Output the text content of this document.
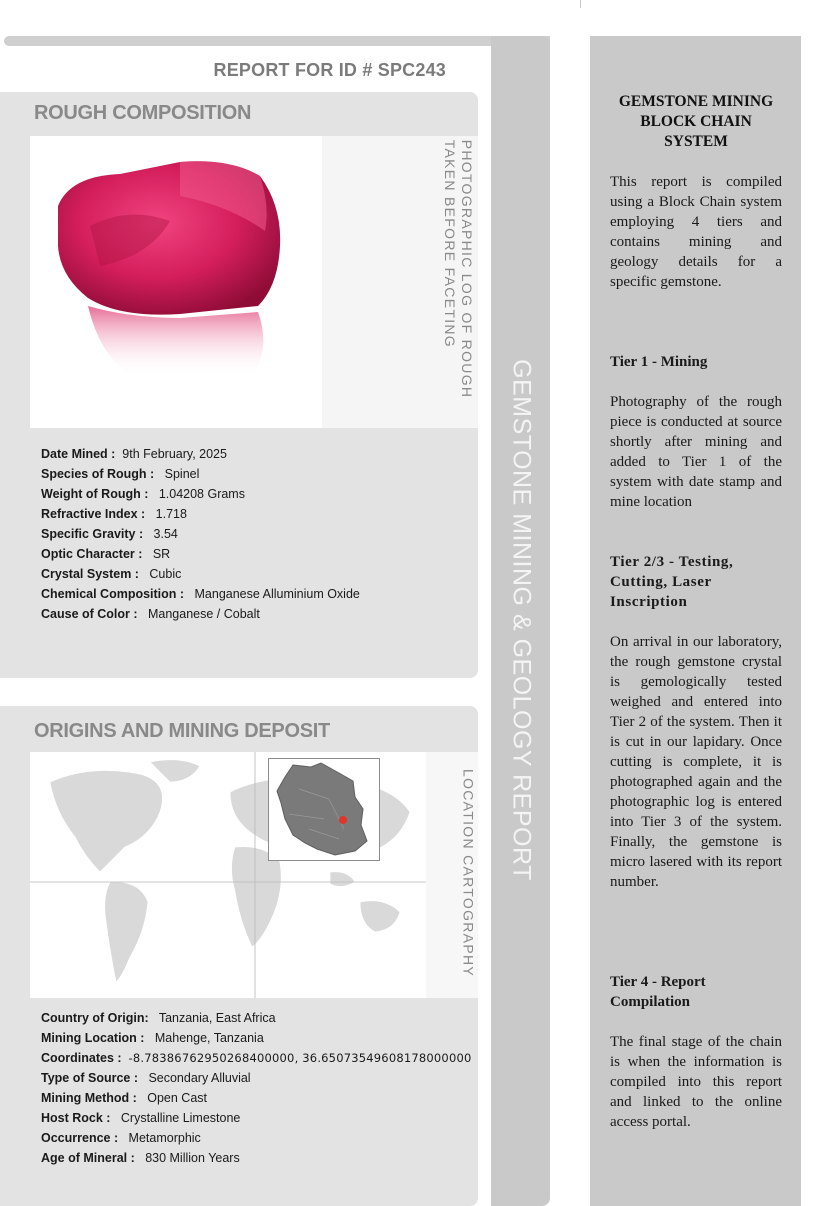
REPORT FOR ID # SPC243
ROUGH COMPOSITION
PHOTOGRAPHIC LOG OF ROUGH
TAKEN BEFORE FACETING
Date Mined : 9th February, 2025
Species of Rough : Spinel
Weight of Rough : 1.04208 Grams
Refractive Index : 1.718
Specific Gravity : 3.54
Optic Character : SR
Crystal System : Cubic
Chemical Composition : Manganese Alluminium Oxide
Cause of Color : Manganese / Cobalt
ORIGINS AND MINING DEPOSIT
LOCATION CARTOGRAPHY
Country of Origin: Tanzania, East Africa
Mining Location : Mahenge, Tanzania
Coordinates : -8.78386762950268400000, 36.65073549608178000000
Type of Source : Secondary Alluvial
Mining Method : Open Cast
Host Rock : Crystalline Limestone
Occurrence : Metamorphic
Age of Mineral : 830 Million Years
GEMSTONE MINING & GEOLOGY REPORT
GEMSTONE MINING BLOCK CHAIN SYSTEM
This report is compiled using a Block Chain system employing 4 tiers and contains mining and geology details for a specific gemstone.
Tier 1 - Mining
Photography of the rough piece is conducted at source shortly after mining and added to Tier 1 of the system with date stamp and mine location
Tier 2/3 - Testing, Cutting, Laser Inscription
On arrival in our laboratory, the rough gemstone crystal is gemologically tested weighed and entered into Tier 2 of the system. Then it is cut in our lapidary. Once cutting is complete, it is photographed again and the photographic log is entered into Tier 3 of the system. Finally, the gemstone is micro lasered with its report number.
Tier 4 - Report Compilation
The final stage of the chain is when the information is compiled into this report and linked to the online access portal.
